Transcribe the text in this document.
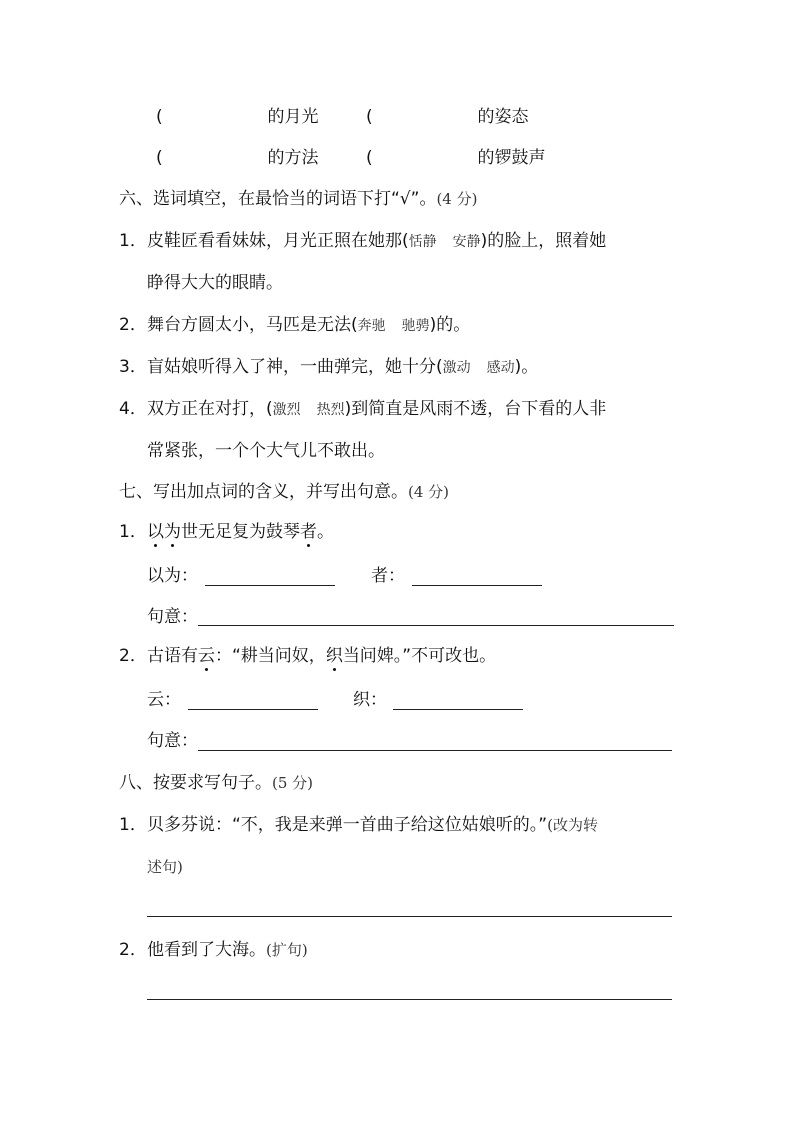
(	的月光	(	的姿态
(	的方法	(	的锣鼓声
六、选词填空，在最恰当的词语下打“√”。(4 分)
1．皮鞋匠看看妹妹，月光正照在她那(恬静 安静)的脸上，照着她
睁得大大的眼睛。
2．舞台方圆太小，马匹是无法(奔驰 驰骋)的。
3．盲姑娘听得入了神，一曲弹完，她十分(激动 感动)。
4．双方正在对打，(激烈 热烈)到简直是风雨不透，台下看的人非
常紧张，一个个大气儿不敢出。
七、写出加点词的含义，并写出句意。(4 分)
1．以为世无足复为鼓琴者。
以为：	者：
句意：
2．古语有云：“耕当问奴，织当问婢。”不可改也。
云：	织：
句意：
八、按要求写句子。(5 分)
1．贝多芬说：“不，我是来弹一首曲子给这位姑娘听的。”(改为转
述句)
2．他看到了大海。(扩句)
